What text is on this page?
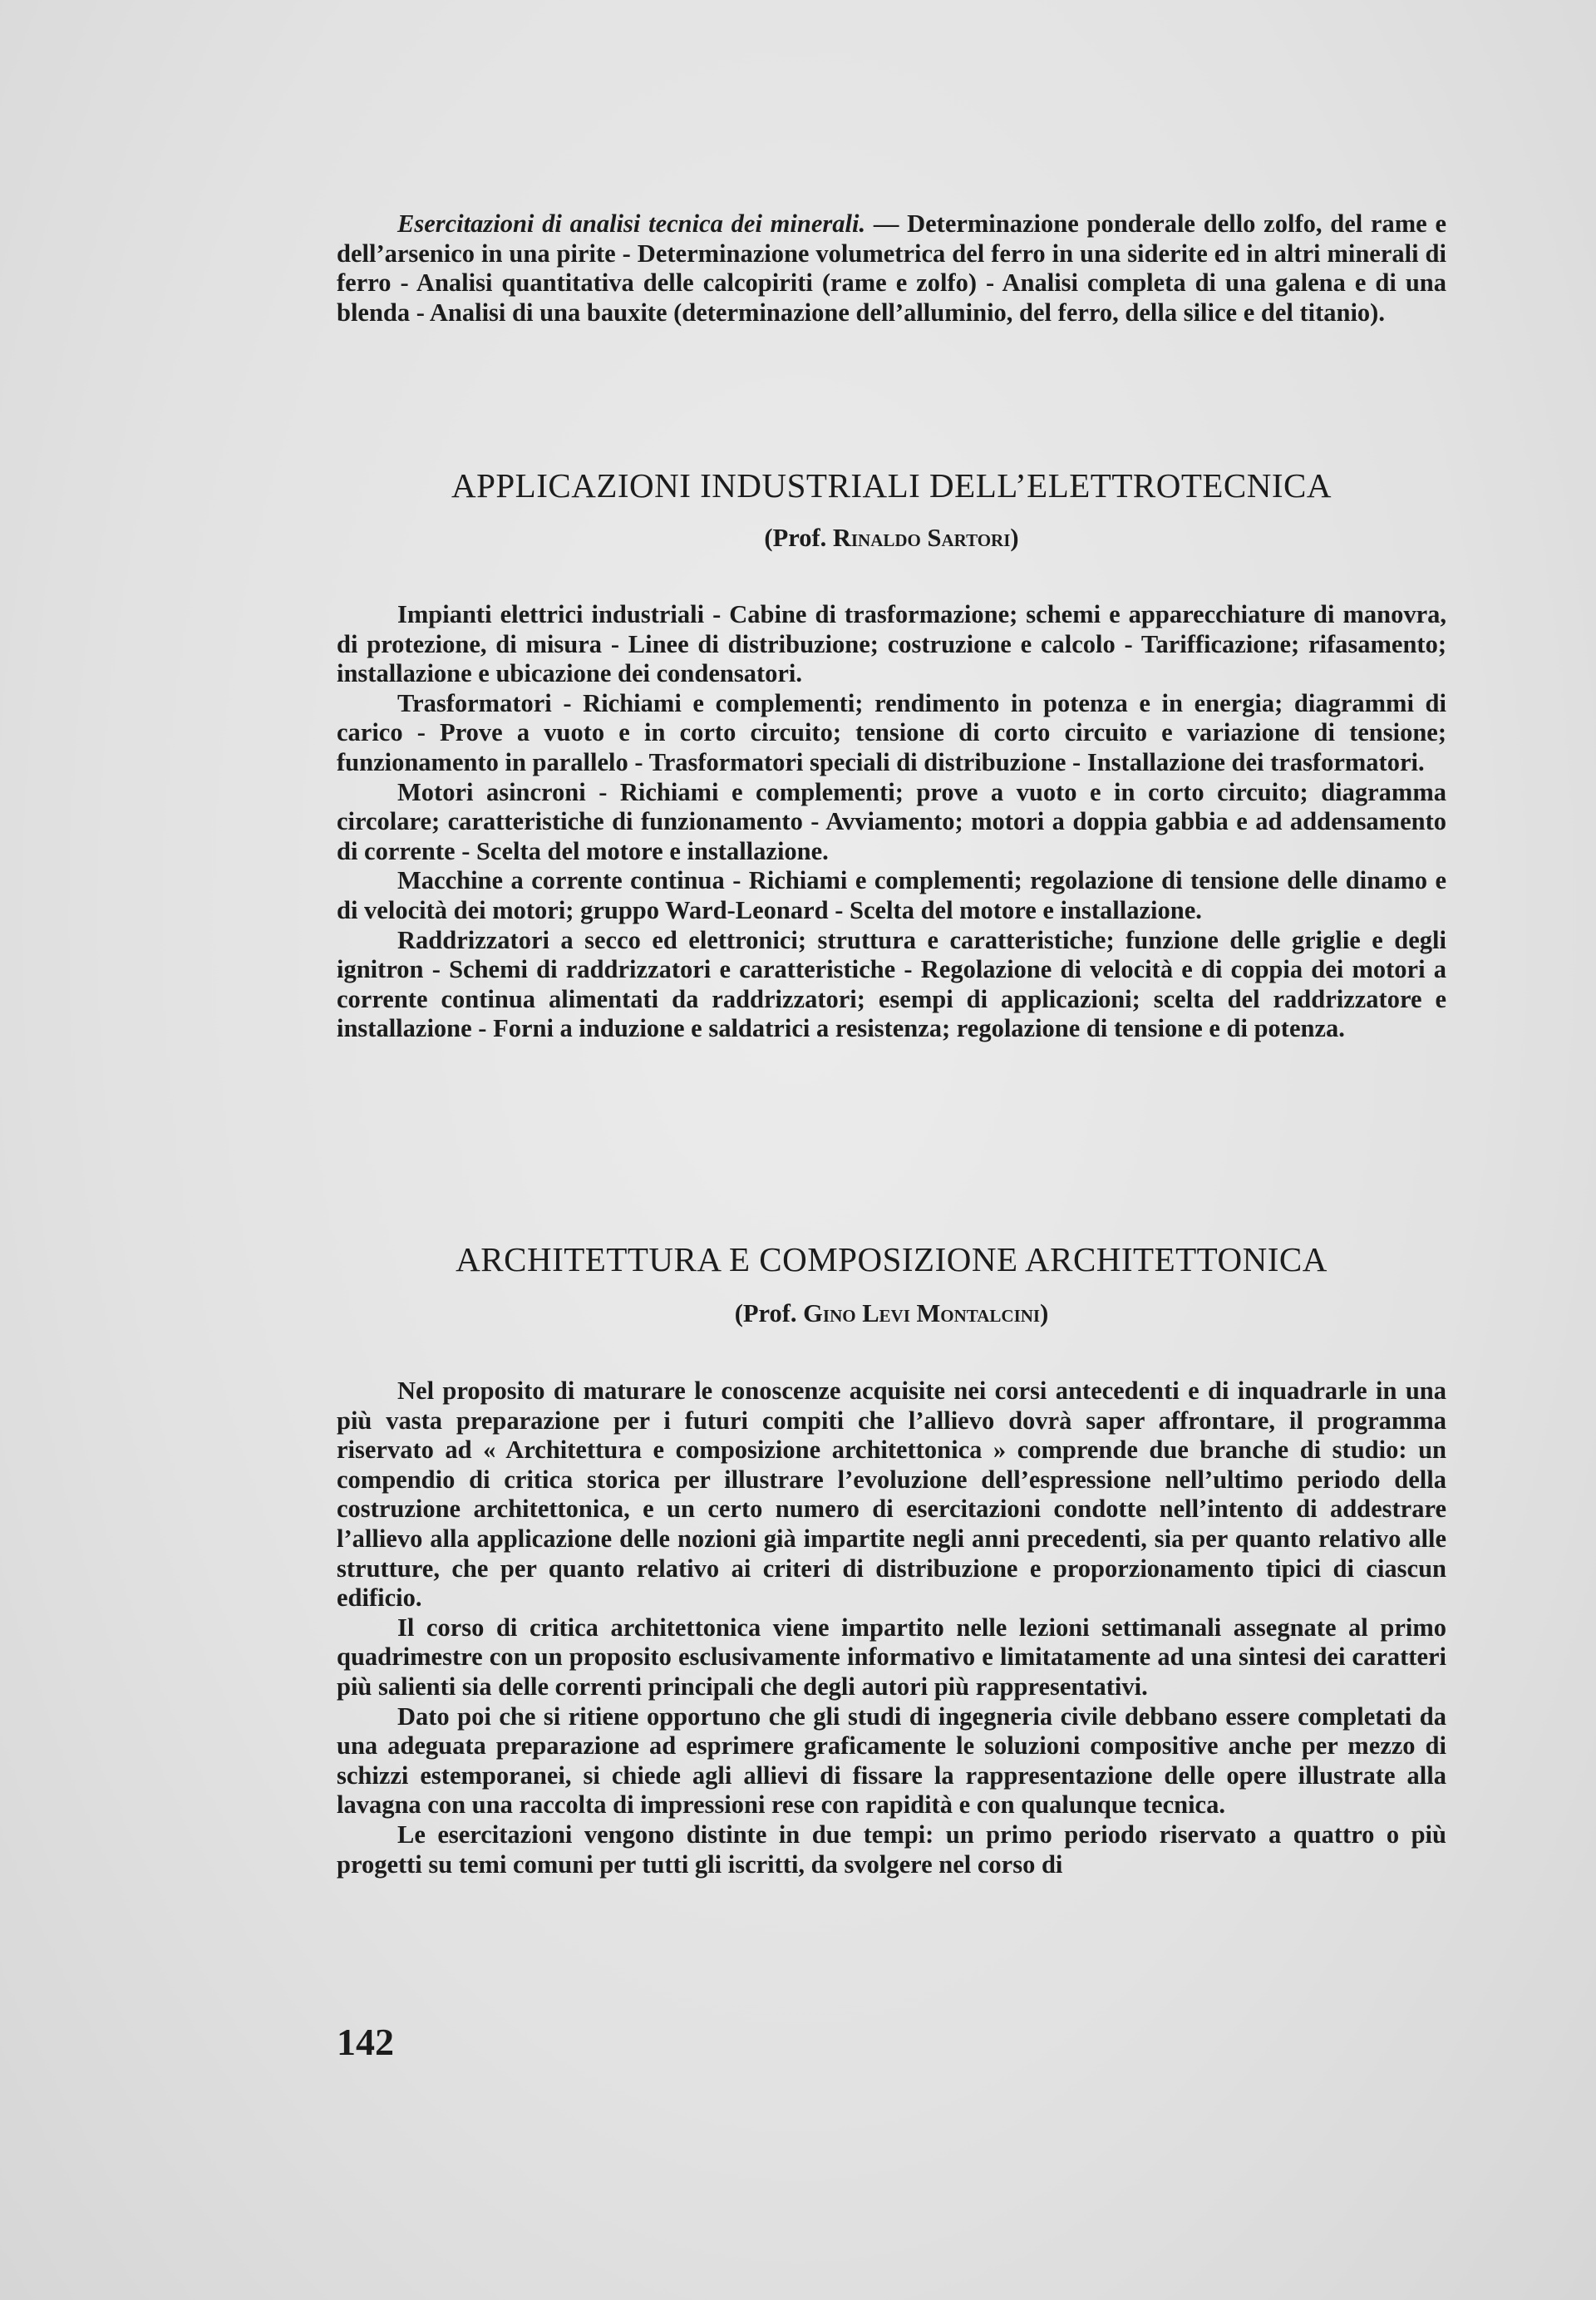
Esercitazioni di analisi tecnica dei minerali. — Determinazione ponderale dello zolfo, del rame e dell’arsenico in una pirite - Determinazione volumetrica del ferro in una siderite ed in altri minerali di ferro - Analisi quantitativa delle calcopiriti (rame e zolfo) - Analisi completa di una galena e di una blenda - Analisi di una bauxite (determinazione dell’alluminio, del ferro, della silice e del titanio).

APPLICAZIONI INDUSTRIALI DELL’ELETTROTECNICA

(Prof. Rinaldo Sartori)

Impianti elettrici industriali - Cabine di trasformazione; schemi e apparecchiature di manovra, di protezione, di misura - Linee di distribuzione; costruzione e calcolo - Tarifficazione; rifasamento; installazione e ubicazione dei condensatori.

Trasformatori - Richiami e complementi; rendimento in potenza e in energia; diagrammi di carico - Prove a vuoto e in corto circuito; tensione di corto circuito e variazione di tensione; funzionamento in parallelo - Trasformatori speciali di distribuzione - Installazione dei trasformatori.

Motori asincroni - Richiami e complementi; prove a vuoto e in corto circuito; diagramma circolare; caratteristiche di funzionamento - Avviamento; motori a doppia gabbia e ad addensamento di corrente - Scelta del motore e installazione.

Macchine a corrente continua - Richiami e complementi; regolazione di tensione delle dinamo e di velocità dei motori; gruppo Ward-Leonard - Scelta del motore e installazione.

Raddrizzatori a secco ed elettronici; struttura e caratteristiche; funzione delle griglie e degli ignitron - Schemi di raddrizzatori e caratteristiche - Regolazione di velocità e di coppia dei motori a corrente continua alimentati da raddrizzatori; esempi di applicazioni; scelta del raddrizzatore e installazione - Forni a induzione e saldatrici a resistenza; regolazione di tensione e di potenza.

ARCHITETTURA E COMPOSIZIONE ARCHITETTONICA

(Prof. Gino Levi Montalcini)

Nel proposito di maturare le conoscenze acquisite nei corsi antecedenti e di inquadrarle in una più vasta preparazione per i futuri compiti che l’allievo dovrà saper affrontare, il programma riservato ad « Architettura e composizione architettonica » comprende due branche di studio: un compendio di critica storica per illustrare l’evoluzione dell’espressione nell’ultimo periodo della costruzione architettonica, e un certo numero di esercitazioni condotte nell’intento di addestrare l’allievo alla applicazione delle nozioni già impartite negli anni precedenti, sia per quanto relativo alle strutture, che per quanto relativo ai criteri di distribuzione e proporzionamento tipici di ciascun edificio.

Il corso di critica architettonica viene impartito nelle lezioni settimanali assegnate al primo quadrimestre con un proposito esclusivamente informativo e limitatamente ad una sintesi dei caratteri più salienti sia delle correnti principali che degli autori più rappresentativi.

Dato poi che si ritiene opportuno che gli studi di ingegneria civile debbano essere completati da una adeguata preparazione ad esprimere graficamente le soluzioni compositive anche per mezzo di schizzi estemporanei, si chiede agli allievi di fissare la rappresentazione delle opere illustrate alla lavagna con una raccolta di impressioni rese con rapidità e con qualunque tecnica.

Le esercitazioni vengono distinte in due tempi: un primo periodo riservato a quattro o più progetti su temi comuni per tutti gli iscritti, da svolgere nel corso di

142
